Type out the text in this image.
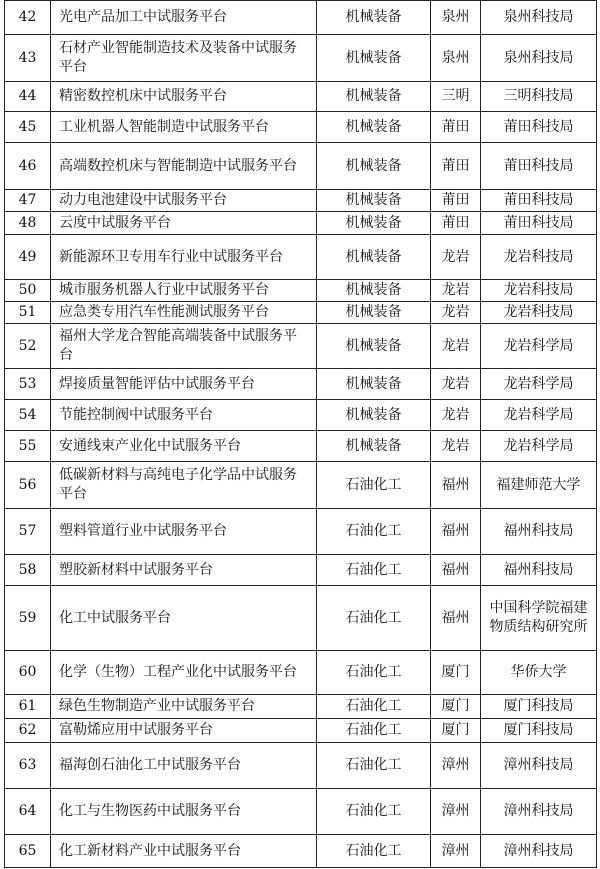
42	光电产品加工中试服务平台	机械装备	泉州	泉州科技局
43	石材产业智能制造技术及装备中试服务平台	机械装备	泉州	泉州科技局
44	精密数控机床中试服务平台	机械装备	三明	三明科技局
45	工业机器人智能制造中试服务平台	机械装备	莆田	莆田科技局
46	高端数控机床与智能制造中试服务平台	机械装备	莆田	莆田科技局
47	动力电池建设中试服务平台	机械装备	莆田	莆田科技局
48	云度中试服务平台	机械装备	莆田	莆田科技局
49	新能源环卫专用车行业中试服务平台	机械装备	龙岩	龙岩科技局
50	城市服务机器人行业中试服务平台	机械装备	龙岩	龙岩科技局
51	应急类专用汽车性能测试服务平台	机械装备	龙岩	龙岩科技局
52	福州大学龙合智能高端装备中试服务平台	机械装备	龙岩	龙岩科学局
53	焊接质量智能评估中试服务平台	机械装备	龙岩	龙岩科学局
54	节能控制阀中试服务平台	机械装备	龙岩	龙岩科学局
55	安通线束产业化中试服务平台	机械装备	龙岩	龙岩科学局
56	低碳新材料与高纯电子化学品中试服务平台	石油化工	福州	福建师范大学
57	塑料管道行业中试服务平台	石油化工	福州	福州科技局
58	塑胶新材料中试服务平台	石油化工	福州	福州科技局
59	化工中试服务平台	石油化工	福州	中国科学院福建物质结构研究所
60	化学（生物）工程产业化中试服务平台	石油化工	厦门	华侨大学
61	绿色生物制造产业中试服务平台	石油化工	厦门	厦门科技局
62	富勒烯应用中试服务平台	石油化工	厦门	厦门科技局
63	福海创石油化工中试服务平台	石油化工	漳州	漳州科技局
64	化工与生物医药中试服务平台	石油化工	漳州	漳州科技局
65	化工新材料产业中试服务平台	石油化工	漳州	漳州科技局
